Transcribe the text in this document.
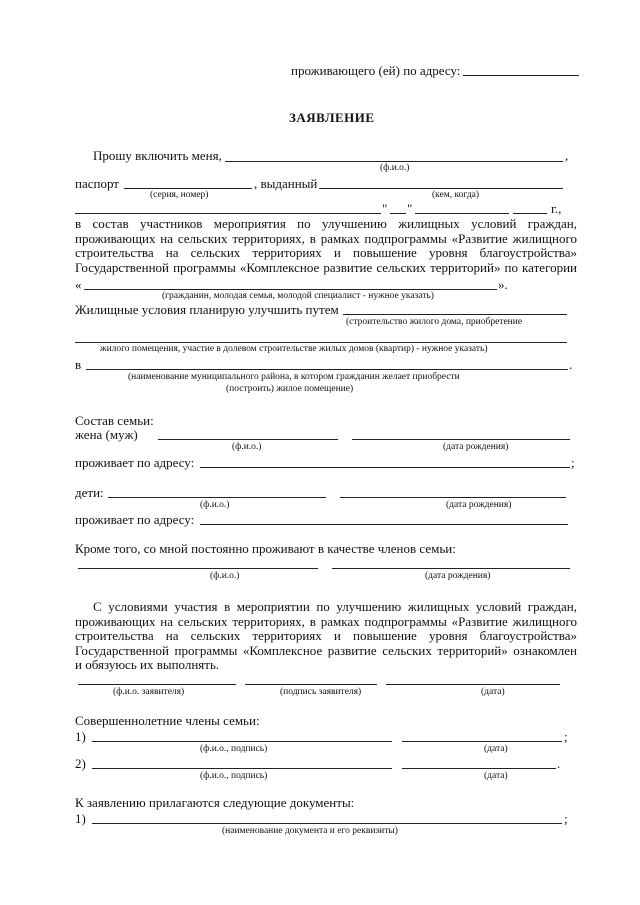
проживающего (ей) по адресу:
ЗАЯВЛЕНИЕ
Прошу включить меня,	,
(ф.и.о.)
паспорт	, выданный
(серия, номер)	(кем, когда)
" "	г.,
в состав участников мероприятия по улучшению жилищных условий граждан,
проживающих на сельских территориях, в рамках подпрограммы «Развитие жилищного
строительства на сельских территориях и повышение уровня благоустройства»
Государственной программы «Комплексное развитие сельских территорий» по категории
«	».
(гражданин, молодая семья, молодой специалист - нужное указать)
Жилищные условия планирую улучшить путем
(строительство жилого дома, приобретение
жилого помещения, участие в долевом строительстве жилых домов (квартир) - нужное указать)
в	.
(наименование муниципального района, в котором гражданин желает приобрести
(построить) жилое помещение)
Состав семьи:
жена (муж)
(ф.и.о.)	(дата рождения)
проживает по адресу:	;
дети:
(ф.и.о.)	(дата рождения)
проживает по адресу:
Кроме того, со мной постоянно проживают в качестве членов семьи:
(ф.и.о.)	(дата рождения)
С условиями участия в мероприятии по улучшению жилищных условий граждан,
проживающих на сельских территориях, в рамках подпрограммы «Развитие жилищного
строительства на сельских территориях и повышение уровня благоустройства»
Государственной программы «Комплексное развитие сельских территорий» ознакомлен
и обязуюсь их выполнять.
(ф.и.о. заявителя)	(подпись заявителя)	(дата)
Совершеннолетние члены семьи:
1)	;
(ф.и.о., подпись)	(дата)
2)	.
(ф.и.о., подпись)	(дата)
К заявлению прилагаются следующие документы:
1)	;
(наименование документа и его реквизиты)
